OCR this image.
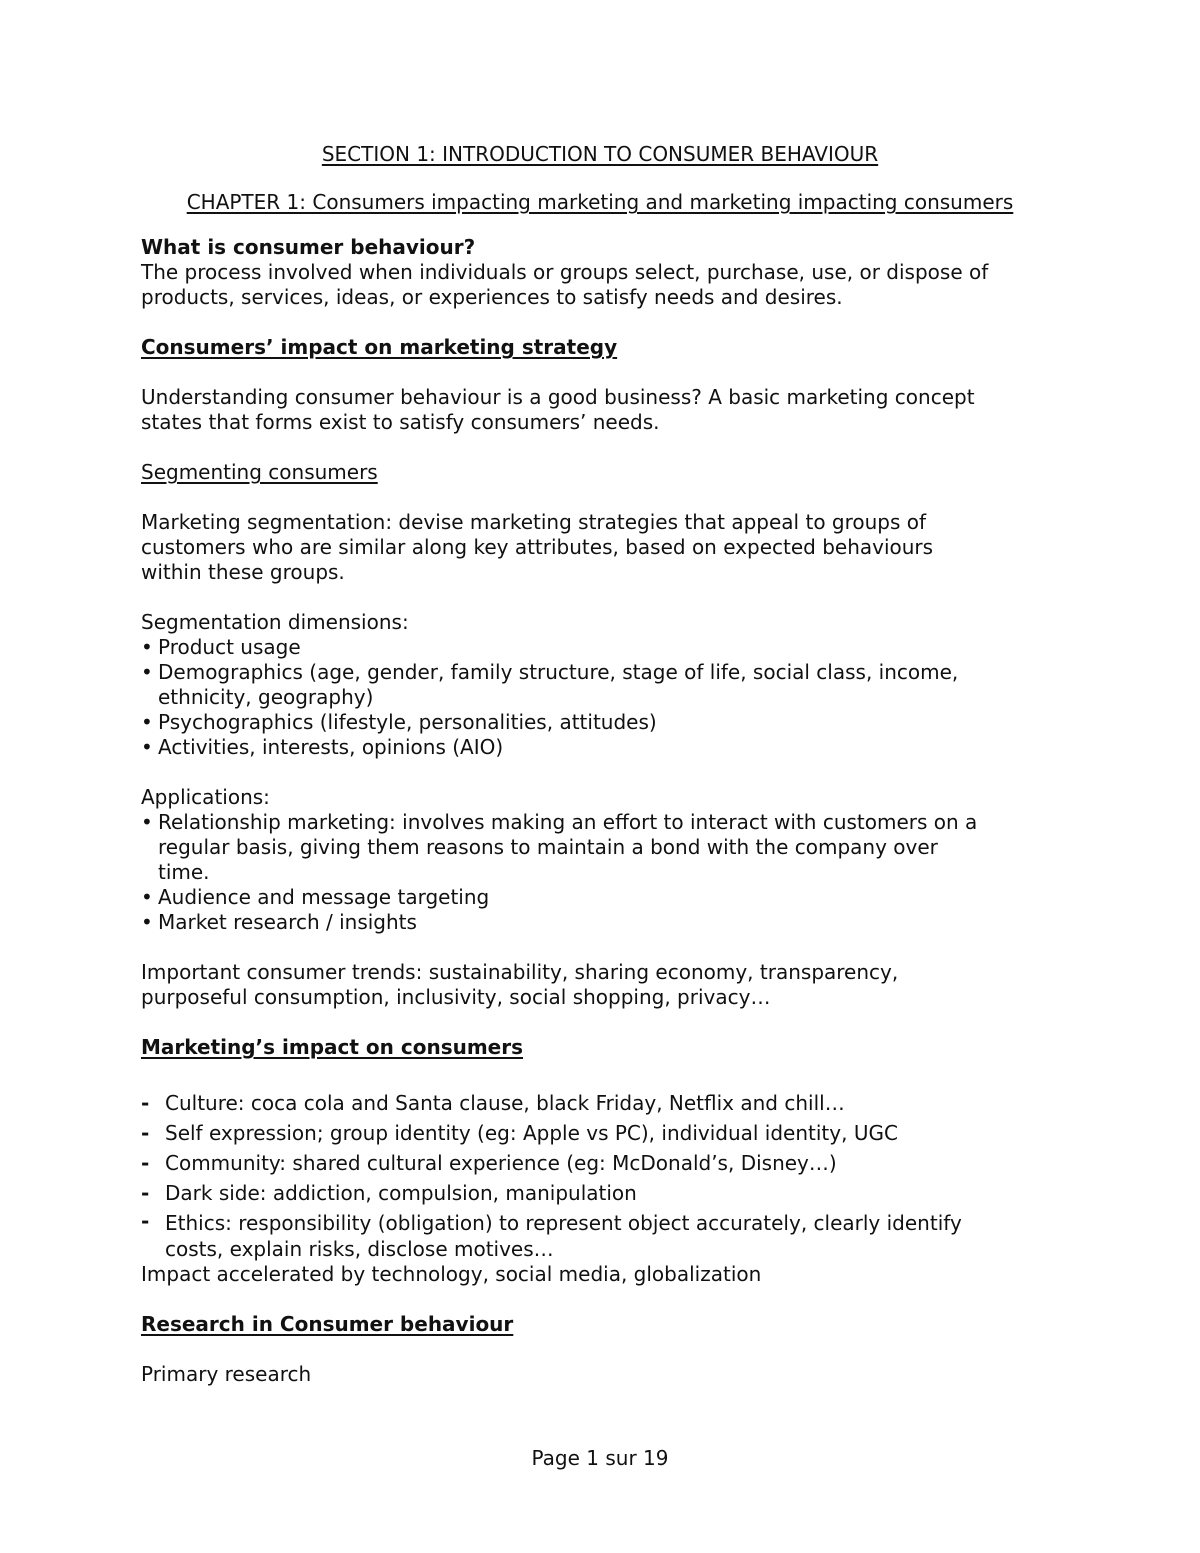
SECTION 1: INTRODUCTION TO CONSUMER BEHAVIOUR

CHAPTER 1: Consumers impacting marketing and marketing impacting consumers

What is consumer behaviour?

The process involved when individuals or groups select, purchase, use, or dispose of

products, services, ideas, or experiences to satisfy needs and desires.

Consumers’ impact on marketing strategy

Understanding consumer behaviour is a good business? A basic marketing concept

states that forms exist to satisfy consumers’ needs.

Segmenting consumers

Marketing segmentation: devise marketing strategies that appeal to groups of

customers who are similar along key attributes, based on expected behaviours

within these groups.

Segmentation dimensions:

• Product usage
• Demographics (age, gender, family structure, stage of life, social class, income,
ethnicity, geography)
• Psychographics (lifestyle, personalities, attitudes)
• Activities, interests, opinions (AIO)

Applications:

• Relationship marketing: involves making an effort to interact with customers on a
regular basis, giving them reasons to maintain a bond with the company over
time.
• Audience and message targeting
• Market research / insights

Important consumer trends: sustainability, sharing economy, transparency,

purposeful consumption, inclusivity, social shopping, privacy…

Marketing’s impact on consumers

- Culture: coca cola and Santa clause, black Friday, Netflix and chill…
- Self expression; group identity (eg: Apple vs PC), individual identity, UGC
- Community: shared cultural experience (eg: McDonald’s, Disney…)
- Dark side: addiction, compulsion, manipulation
- Ethics: responsibility (obligation) to represent object accurately, clearly identify
costs, explain risks, disclose motives…

Impact accelerated by technology, social media, globalization

Research in Consumer behaviour

Primary research

Page 1 sur 19
